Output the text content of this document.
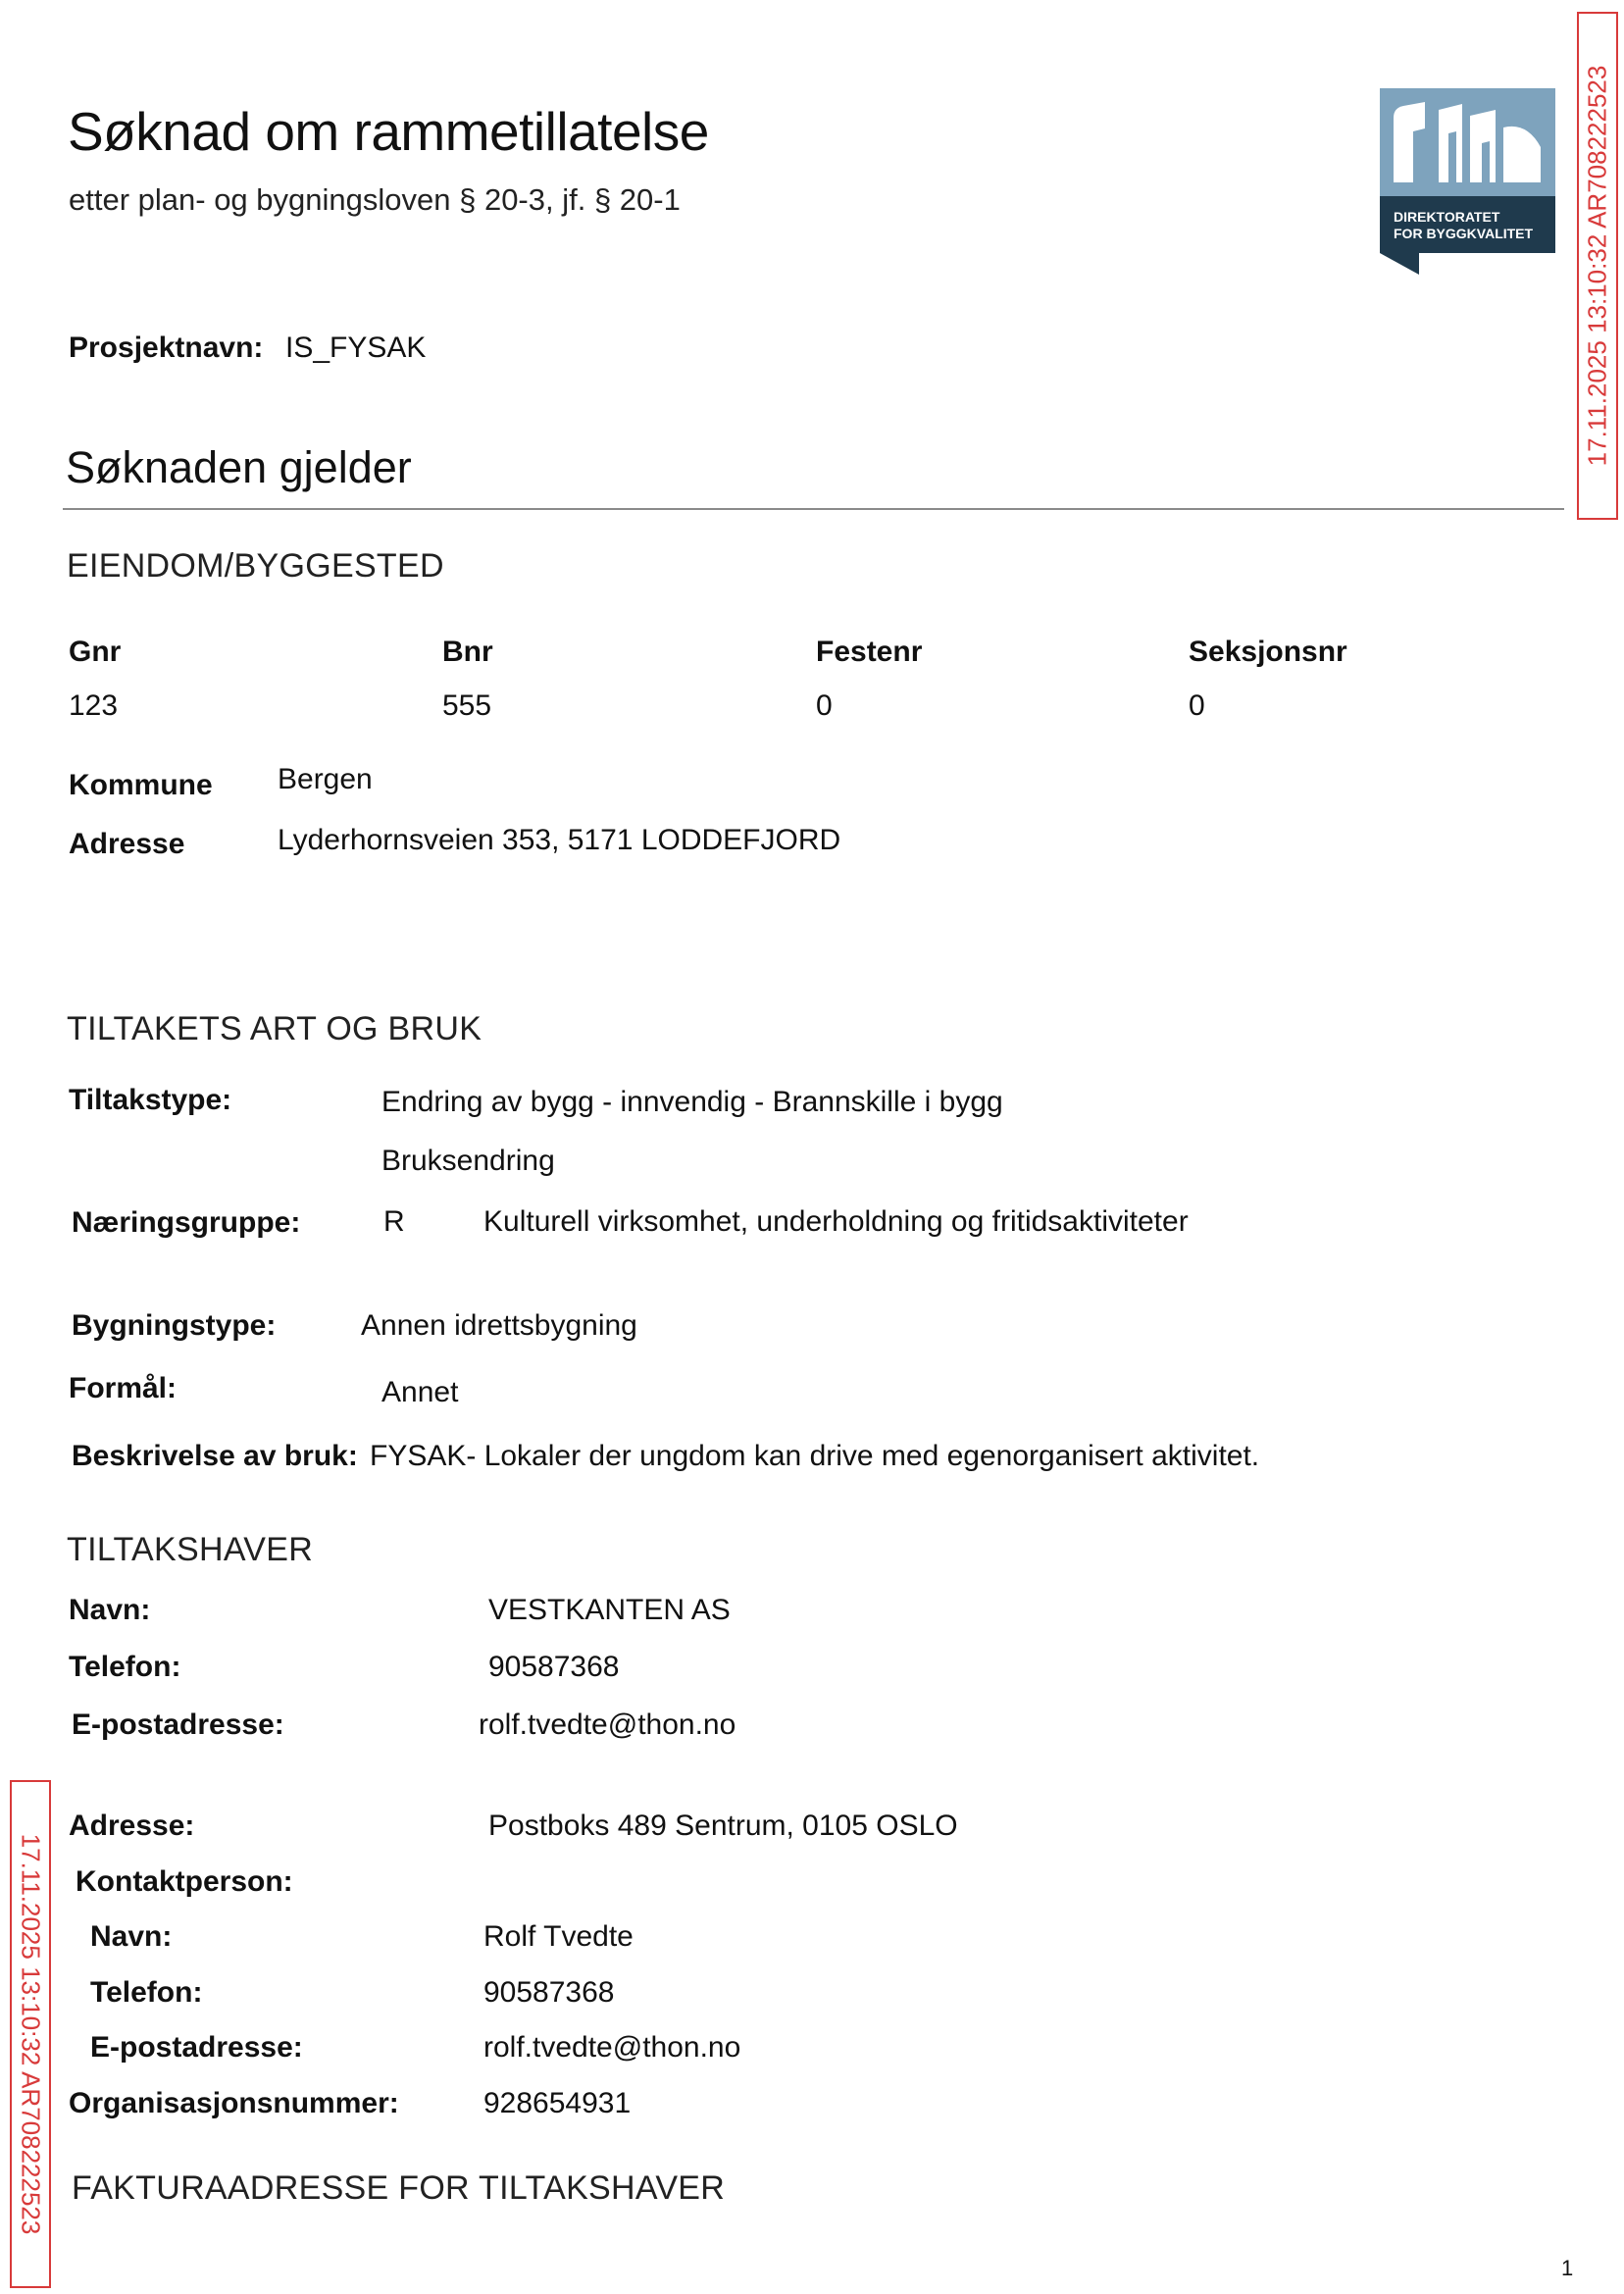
Søknad om rammetillatelse
etter plan- og bygningsloven § 20-3, jf. § 20-1	DIREKTORATET
FOR BYGGKVALITET 17.11.2025 13:10:32 AR708222523
Prosjektnavn: IS_FYSAK
Søknaden gjelder
EIENDOM/BYGGESTED
Gnr	Bnr	Festenr	Seksjonsnr
123	555	0	0
Kommune Bergen
Adresse	Lyderhornsveien 353, 5171 LODDEFJORD
TILTAKETS ART OG BRUK
Tiltakstype:	Endring av bygg - innvendig - Brannskille i bygg
Bruksendring
Næringsgruppe:	R	Kulturell virksomhet, underholdning og fritidsaktiviteter
Bygningstype:	Annen idrettsbygning
Formål:	Annet
Beskrivelse av bruk: FYSAK- Lokaler der ungdom kan drive med egenorganisert aktivitet.
TILTAKSHAVER
Navn:	VESTKANTEN AS
Telefon:	90587368
E-postadresse:	rolf.tvedte@thon.no
17.11.2025 13:10:32 AR708222523
Adresse:	Postboks 489 Sentrum, 0105 OSLO
Kontaktperson:
Navn:	Rolf Tvedte
Telefon:	90587368
E-postadresse:	rolf.tvedte@thon.no
Organisasjonsnummer:	928654931
FAKTURAADRESSE FOR TILTAKSHAVER
1
